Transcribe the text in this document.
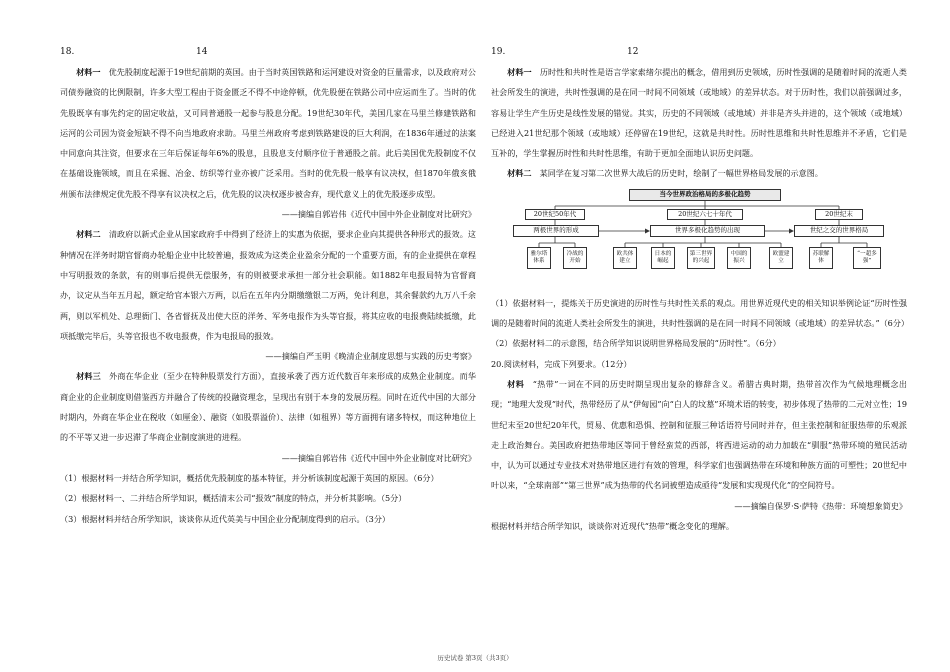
18.	14

材料一　 优先股制度起源于19世纪前期的英国。由于当时英国铁路和运河建设对资金的巨量需求，以及政府对公司债券融资的比例限制，许多大型工程由于资金匮乏不得不中途停顿，优先股便在铁路公司中应运而生了。当时的优先股既享有事先约定的固定收益，又可同普通股一起参与股息分配。19世纪30年代，美国几家在马里兰修建铁路和运河的公司因为资金短缺不得不向当地政府求助。马里兰州政府考虑到铁路建设的巨大利润，在1836年通过的法案中同意向其注资，但要求在三年后保证每年6%的股息，且股息支付顺序位于普通股之前。此后美国优先股制度不仅在基础设施领域，而且在采掘、冶金、纺织等行业亦被广泛采用。当时的优先股一般享有议决权，但1870年俄亥俄州颁布法律规定优先股不得享有议决权之后，优先股的议决权逐步被舍弃，现代意义上的优先股逐步成型。

——摘编自郭岩伟《近代中国中外企业制度对比研究》

材料二　 清政府以新式企业从国家政府手中得到了经济上的实惠为依据，要求企业向其提供各种形式的报效。这种情况在洋务时期官督商办轮船企业中比较普遍，报效成为这类企业盈余分配的一个重要方面，有的企业提供在章程中写明报效的条款，有的则事后提供无偿服务，有的则被要求承担一部分社会职能。如1882年电报局特为官督商办，议定从当年五月起，额定给官本银六万两，以后在五年内分期缴缴银二万两，免计利息，其余餐款约九万八千余两，则以军机处、总理衙门、各省督抚及出使大臣的洋务、军务电报作为头等官报，将其应收的电报费陆续抵缴，此项抵缴完毕后，头等官报也不收电报费，作为电报局的报效。

——摘编自严玉明《晚清企业制度思想与实践的历史考察》

材料三　 外商在华企业（至少在特种股票发行方面），直接承袭了西方近代数百年来形成的成熟企业制度。而华商企业的企业制度则借鉴西方并融合了传统的投融资理念，呈现出有别于本身的发展历程。同时在近代中国的大部分时期内，外商在华企业在税收（如厘金）、融资（如股票溢价）、法律（如租界）等方面拥有诸多特权，而这种地位上的不平等又进一步迟滞了华商企业制度演进的进程。

——摘编自郭岩伟《近代中国中外企业制度对比研究》

（1）根据材料一并结合所学知识，概括优先股制度的基本特征，并分析该制度起源于英国的原因。（6分）

（2）根据材料一、二并结合所学知识，概括清末公司“报效”制度的特点，并分析其影响。（5分）

（3）根据材料并结合所学知识，谈谈你从近代英美与中国企业分配制度得到的启示。（3分）

19.	12

材料一　 历时性和共时性是语言学家索绪尔提出的概念，借用到历史领域，历时性强调的是随着时间的流逝人类社会所发生的演进，共时性强调的是在同一时间不同领域（或地域）的差异状态。对于历时性，我们以前强调过多，容易让学生产生历史是线性发展的错觉。其实，历史的不同领域（或地域）并非是齐头并进的，这个领域（或地域）已经进入21世纪那个领域（或地域）还停留在19世纪，这就是共时性。历时性思维和共时性思维并不矛盾，它们是互补的，学生掌握历时性和共时性思维，有助于更加全面地认识历史问题。

材料二　 某同学在复习第二次世界大战后的历史时，绘制了一幅世界格局发展的示意图。

当今世界政治格局的多极化趋势
20世纪50年代	20世纪六七十年代	20世纪末
两极世界的形成	世界多极化趋势的出现	世纪之交的世界格局
雅尔塔体系
冷战的开始
欧共体建立
日本的崛起
第三世界的兴起
中国的振兴
欧盟建立
苏联解体
“一超多强”

（1）依据材料一，提炼关于历史演进的历时性与共时性关系的观点。用世界近现代史的相关知识举例论证“历时性强调的是随着时间的流逝人类社会所发生的演进，共时性强调的是在同一时间不同领域（或地域）的差异状态。”（6分）

（2）依据材料二的示意图，结合所学知识说明世界格局发展的“历时性”。（6分）

20.阅读材料，完成下列要求。（12分）

材料　 “热带”一词在不同的历史时期呈现出复杂的修辞含义。希腊古典时期，热带首次作为气候地理概念出现；“地理大发现”时代，热带经历了从“伊甸园”向“白人的坟墓”环境术语的转变，初步体现了热带的二元对立性；19世纪末至20世纪20年代，贸易、优惠和恐惧、控制和征服三种话语符号同时并存，但主张控制和征服热带的乐观派走上政治舞台。美国政府把热带地区等同于曾经蛮荒的西部，将西进运动的动力加载在“驯服”热带环境的殖民活动中，认为可以通过专业技术对热带地区进行有效的管理，科学家们也强调热带在环境和种族方面的可塑性；20世纪中叶以来，“全球南部”“第三世界”成为热带的代名词被塑造成亟待“发展和实现现代化”的空间符号。

——摘编自保罗·S·萨特《热带：环境想象简史》

根据材料并结合所学知识，谈谈你对近现代“热带”概念变化的理解。

历史试卷 第3页（共3页）
